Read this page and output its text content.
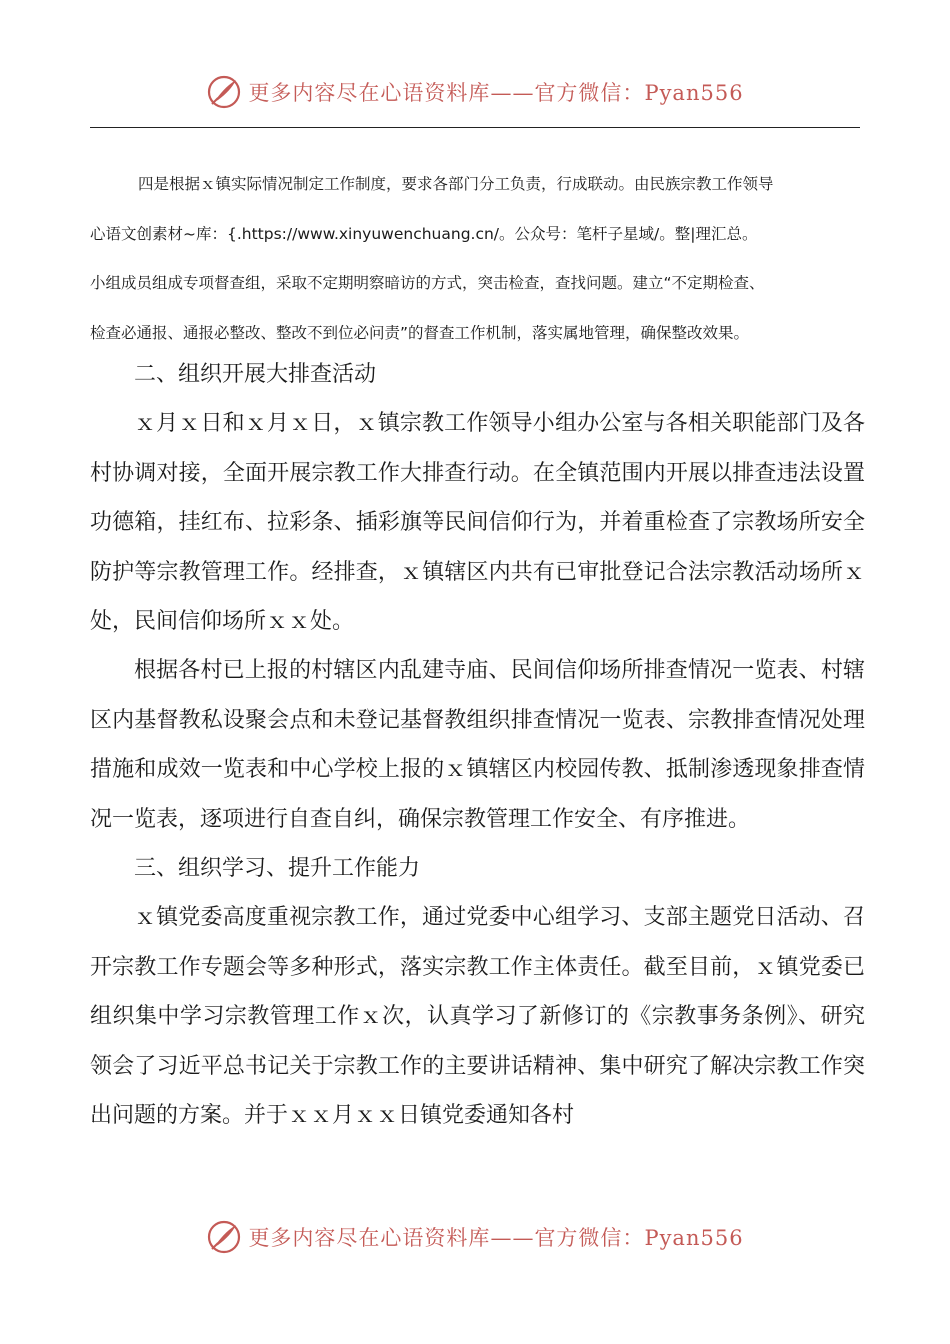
更多内容尽在心语资料库——官方微信：Pyan556

四是根据ｘ镇实际情况制定工作制度，要求各部门分工负责，行成联动。由民族宗教工作领导

心语文创素材~库：{.https://www.xinyuwenchuang.cn/。公众号：笔杆子星域/。整|理汇总。

小组成员组成专项督查组，采取不定期明察暗访的方式，突击检查，查找问题。建立“不定期检查、

检查必通报、通报必整改、整改不到位必问责”的督查工作机制，落实属地管理，确保整改效果。

二、组织开展大排查活动

ｘ月ｘ日和ｘ月ｘ日，ｘ镇宗教工作领导小组办公室与各相关职能部门及各村协调对接，全面开展宗教工作大排查行动。在全镇范围内开展以排查违法设置功德箱，挂红布、拉彩条、插彩旗等民间信仰行为，并着重检查了宗教场所安全防护等宗教管理工作。经排查，ｘ镇辖区内共有已审批登记合法宗教活动场所ｘ处，民间信仰场所ｘｘ处。

根据各村已上报的村辖区内乱建寺庙、民间信仰场所排查情况一览表、村辖区内基督教私设聚会点和未登记基督教组织排查情况一览表、宗教排查情况处理措施和成效一览表和中心学校上报的ｘ镇辖区内校园传教、抵制渗透现象排查情况一览表，逐项进行自查自纠，确保宗教管理工作安全、有序推进。

三、组织学习、提升工作能力

ｘ镇党委高度重视宗教工作，通过党委中心组学习、支部主题党日活动、召开宗教工作专题会等多种形式，落实宗教工作主体责任。截至目前，ｘ镇党委已组织集中学习宗教管理工作ｘ次，认真学习了新修订的《宗教事务条例》、研究领会了习近平总书记关于宗教工作的主要讲话精神、集中研究了解决宗教工作突出问题的方案。并于ｘｘ月ｘｘ日镇党委通知各村

更多内容尽在心语资料库——官方微信：Pyan556
